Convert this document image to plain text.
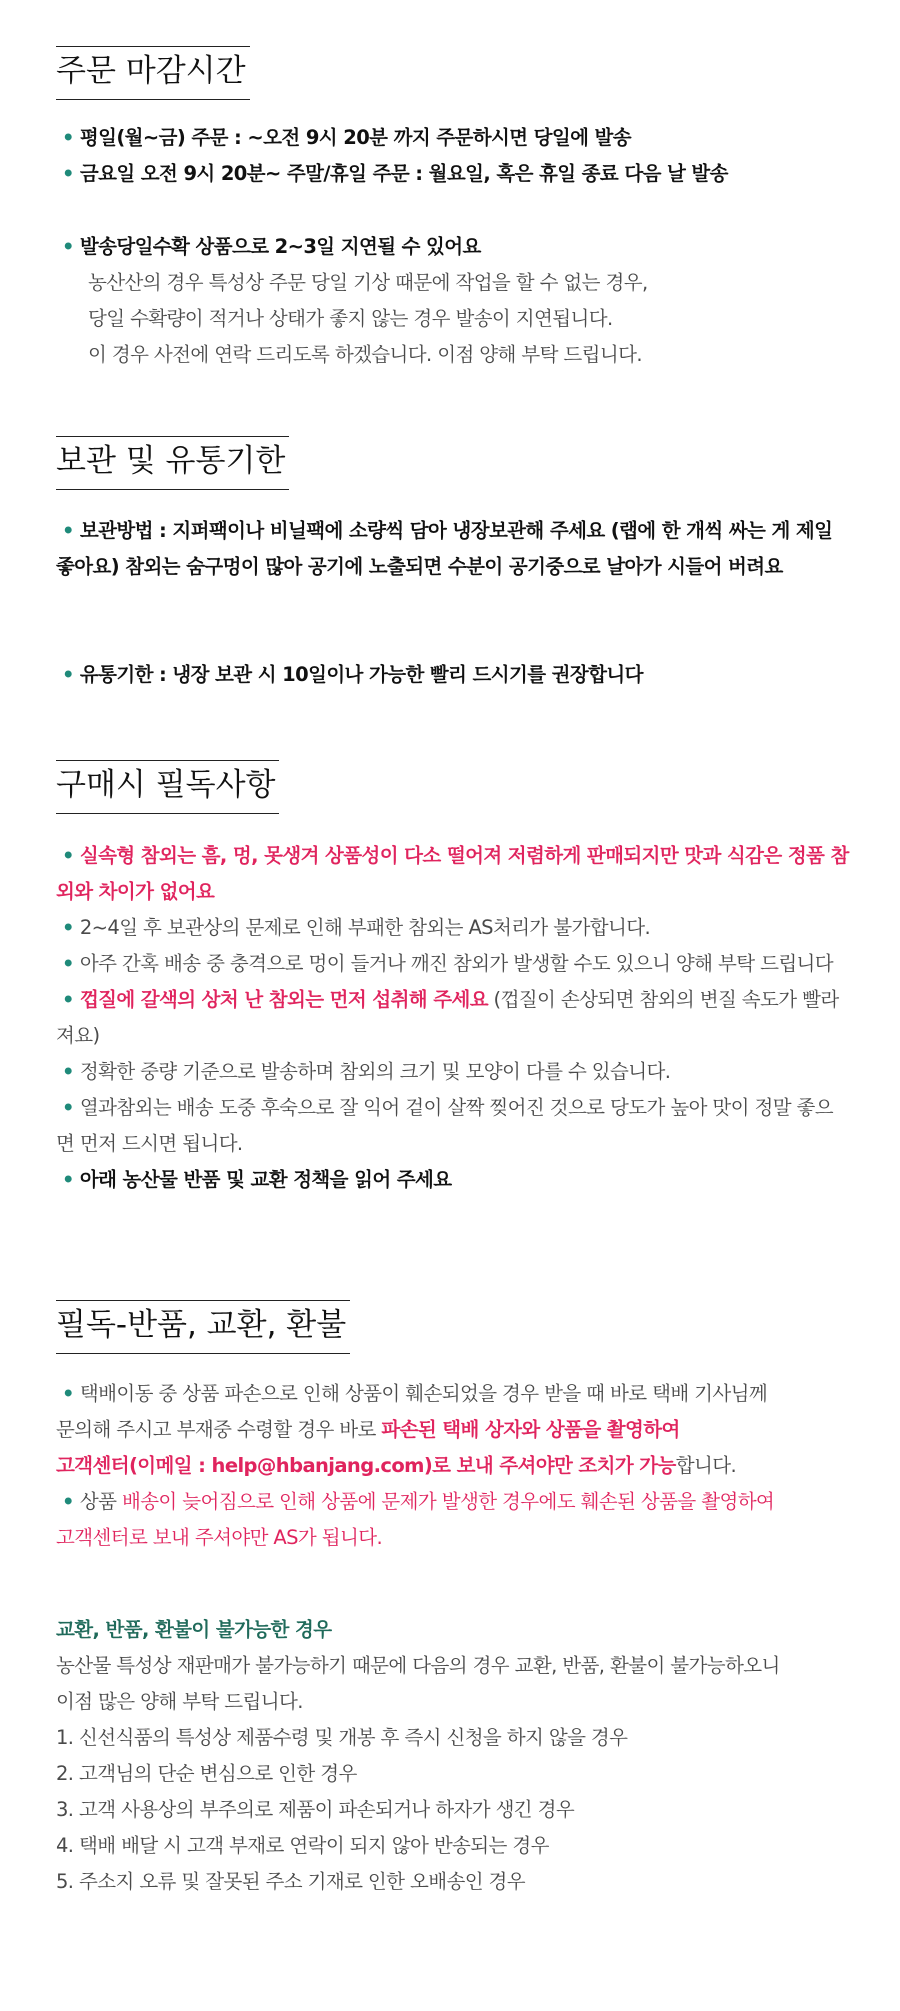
주문 마감시간
• 평일(월~금) 주문 : ~오전 9시 20분 까지 주문하시면 당일에 발송
• 금요일 오전 9시 20분~ 주말/휴일 주문 : 월요일, 혹은 휴일 종료 다음 날 발송
• 발송당일수확 상품으로 2~3일 지연될 수 있어요
농산산의 경우 특성상 주문 당일 기상 때문에 작업을 할 수 없는 경우,
당일 수확량이 적거나 상태가 좋지 않는 경우 발송이 지연됩니다.
이 경우 사전에 연락 드리도록 하겠습니다. 이점 양해 부탁 드립니다.
보관 및 유통기한
• 보관방법 : 지퍼팩이나 비닐팩에 소량씩 담아 냉장보관해 주세요 (랩에 한 개씩 싸는 게 제일 좋아요) 참외는 숨구멍이 많아 공기에 노출되면 수분이 공기중으로 날아가 시들어 버려요
• 유통기한 : 냉장 보관 시 10일이나 가능한 빨리 드시기를 권장합니다
구매시 필독사항
• 실속형 참외는 흠, 멍, 못생겨 상품성이 다소 떨어져 저렴하게 판매되지만 맛과 식감은 정품 참외와 차이가 없어요
• 2~4일 후 보관상의 문제로 인해 부패한 참외는 AS처리가 불가합니다.
• 아주 간혹 배송 중 충격으로 멍이 들거나 깨진 참외가 발생할 수도 있으니 양해 부탁 드립니다
• 껍질에 갈색의 상처 난 참외는 먼저 섭취해 주세요 (껍질이 손상되면 참외의 변질 속도가 빨라져요)
• 정확한 중량 기준으로 발송하며 참외의 크기 및 모양이 다를 수 있습니다.
• 열과참외는 배송 도중 후숙으로 잘 익어 겉이 살짝 찢어진 것으로 당도가 높아 맛이 정말 좋으면 먼저 드시면 됩니다.
• 아래 농산물 반품 및 교환 정책을 읽어 주세요
필독-반품, 교환, 환불
• 택배이동 중 상품 파손으로 인해 상품이 훼손되었을 경우 받을 때 바로 택배 기사님께
문의해 주시고 부재중 수령할 경우 바로 파손된 택배 상자와 상품을 촬영하여
고객센터(이메일 : help@hbanjang.com)로 보내 주셔야만 조치가 가능합니다.
• 상품 배송이 늦어짐으로 인해 상품에 문제가 발생한 경우에도 훼손된 상품을 촬영하여
고객센터로 보내 주셔야만 AS가 됩니다.
교환, 반품, 환불이 불가능한 경우
농산물 특성상 재판매가 불가능하기 때문에 다음의 경우 교환, 반품, 환불이 불가능하오니
이점 많은 양해 부탁 드립니다.
1. 신선식품의 특성상 제품수령 및 개봉 후 즉시 신청을 하지 않을 경우
2. 고객님의 단순 변심으로 인한 경우
3. 고객 사용상의 부주의로 제품이 파손되거나 하자가 생긴 경우
4. 택배 배달 시 고객 부재로 연락이 되지 않아 반송되는 경우
5. 주소지 오류 및 잘못된 주소 기재로 인한 오배송인 경우
